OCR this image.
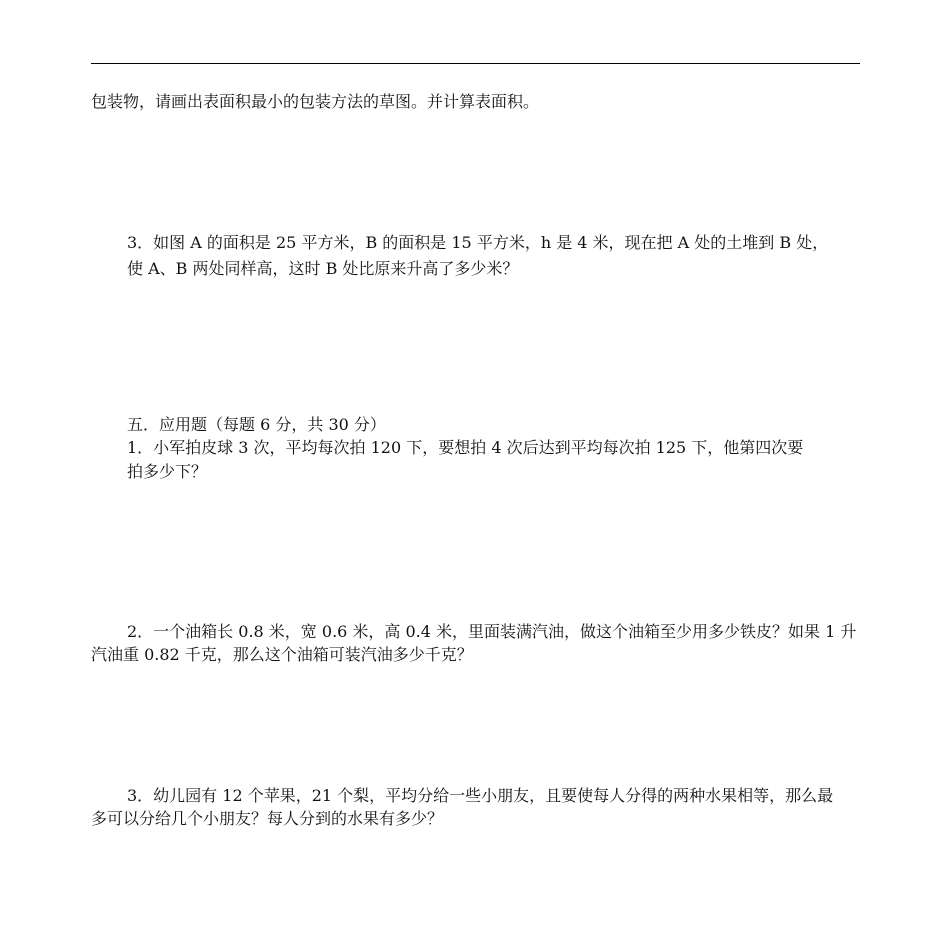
包装物，请画出表面积最小的包装方法的草图。并计算表面积。
3．如图 A 的面积是 25 平方米，B 的面积是 15 平方米，h 是 4 米，现在把 A 处的土堆到 B 处，
使 A、B 两处同样高，这时 B 处比原来升高了多少米？
五．应用题（每题 6 分，共 30 分）
1．小军拍皮球 3 次，平均每次拍 120 下，要想拍 4 次后达到平均每次拍 125 下，他第四次要
拍多少下？
2．一个油箱长 0.8 米，宽 0.6 米，高 0.4 米，里面装满汽油，做这个油箱至少用多少铁皮？如果 1 升
汽油重 0.82 千克，那么这个油箱可装汽油多少千克？
3．幼儿园有 12 个苹果，21 个梨，平均分给一些小朋友，且要使每人分得的两种水果相等，那么最
多可以分给几个小朋友？每人分到的水果有多少？
